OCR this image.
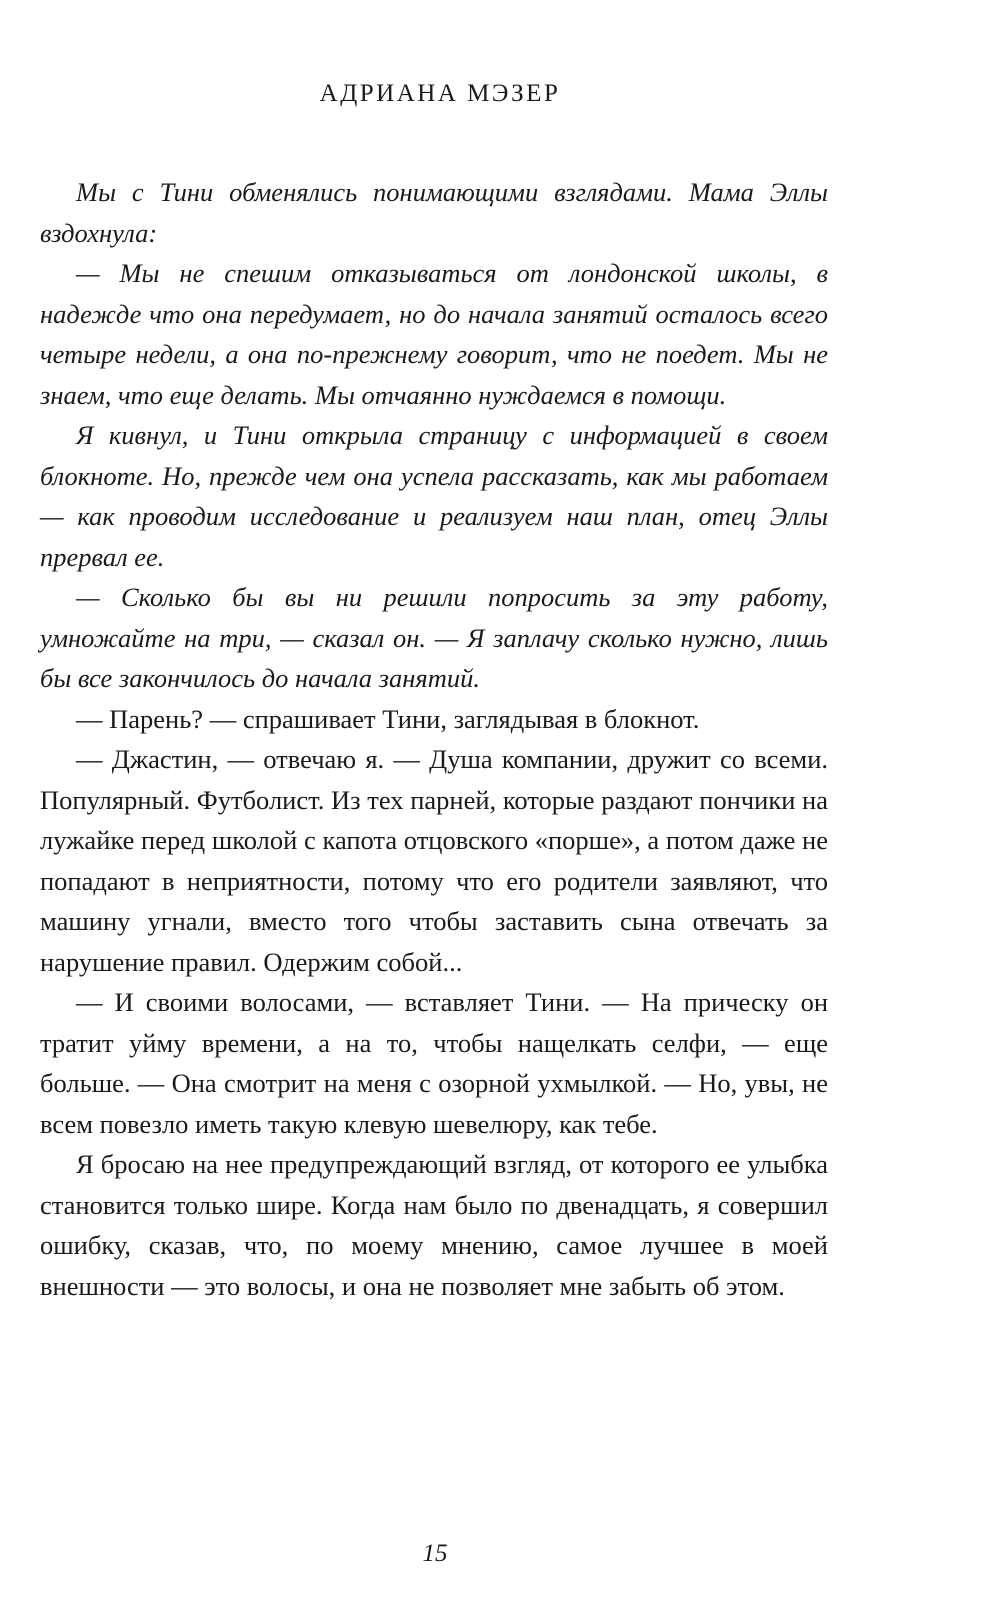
АДРИАНА МЭЗЕР

Мы с Тини обменялись понимающими взглядами. Мама Эллы вздохнула:

— Мы не спешим отказываться от лондонской школы, в надежде что она передумает, но до начала занятий осталось всего четыре недели, а она по-прежнему говорит, что не поедет. Мы не знаем, что еще делать. Мы отчаянно нуждаемся в помощи.

Я кивнул, и Тини открыла страницу с информацией в своем блокноте. Но, прежде чем она успела рассказать, как мы работаем — как проводим исследование и реализуем наш план, отец Эллы прервал ее.

— Сколько бы вы ни решили попросить за эту работу, умножайте на три, — сказал он. — Я заплачу сколько нужно, лишь бы все закончилось до начала занятий.

— Парень? — спрашивает Тини, заглядывая в блокнот.

— Джастин, — отвечаю я. — Душа компании, дружит со всеми. Популярный. Футболист. Из тех парней, которые раздают пончики на лужайке перед школой с капота отцовского «порше», а потом даже не попадают в неприятности, потому что его родители заявляют, что машину угнали, вместо того чтобы заставить сына отвечать за нарушение правил. Одержим собой...

— И своими волосами, — вставляет Тини. — На прическу он тратит уйму времени, а на то, чтобы нащелкать селфи, — еще больше. — Она смотрит на меня с озорной ухмылкой. — Но, увы, не всем повезло иметь такую клевую шевелюру, как тебе.

Я бросаю на нее предупреждающий взгляд, от которого ее улыбка становится только шире. Когда нам было по двенадцать, я совершил ошибку, сказав, что, по моему мнению, самое лучшее в моей внешности — это волосы, и она не позволяет мне забыть об этом.

15
